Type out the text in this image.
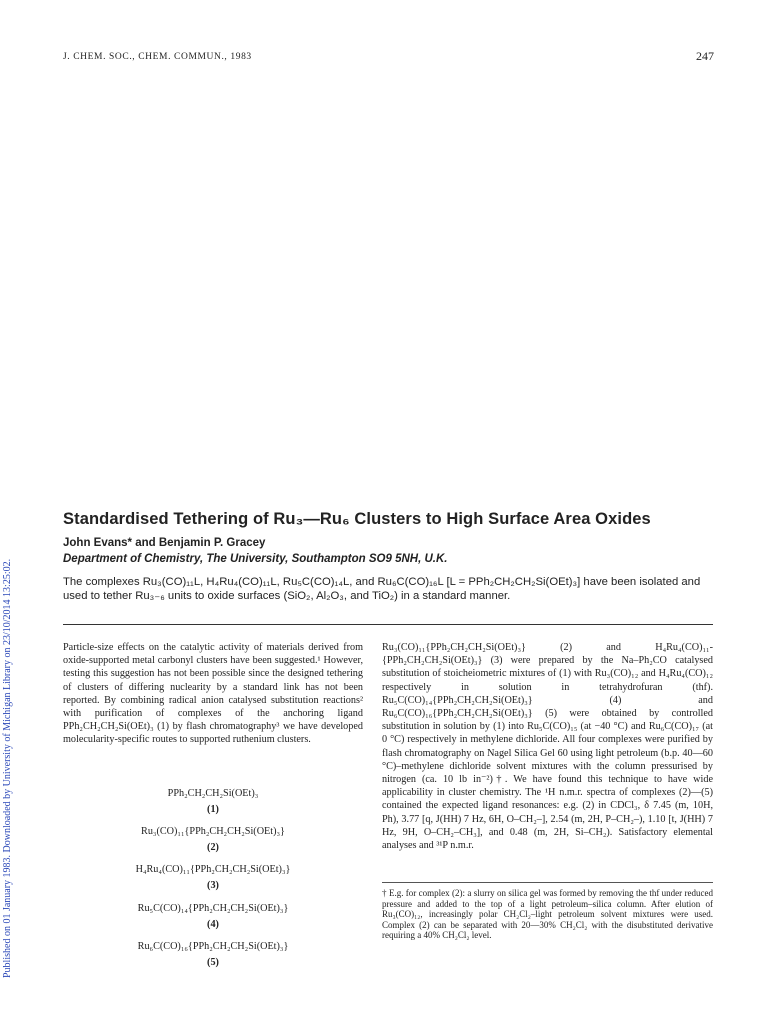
J. CHEM. SOC., CHEM. COMMUN., 1983	247
Published on 01 January 1983. Downloaded by University of Michigan Library on 23/10/2014 13:25:02.
Standardised Tethering of Ru₃—Ru₆ Clusters to High Surface Area Oxides
John Evans* and Benjamin P. Gracey
Department of Chemistry, The University, Southampton SO9 5NH, U.K.
The complexes Ru₃(CO)₁₁L, H₄Ru₄(CO)₁₁L, Ru₅C(CO)₁₄L, and Ru₆C(CO)₁₆L [L = PPh₂CH₂CH₂Si(OEt)₃] have been isolated and used to tether Ru₃₋₆ units to oxide surfaces (SiO₂, Al₂O₃, and TiO₂) in a standard manner.
Particle-size effects on the catalytic activity of materials derived from oxide-supported metal carbonyl clusters have been suggested.¹ However, testing this suggestion has not been possible since the designed tethering of clusters of differing nuclearity by a standard link has not been reported. By combining radical anion catalysed substitution reactions² with purification of complexes of the anchoring ligand PPh₂CH₂CH₂Si(OEt)₃ (1) by flash chromatography³ we have developed molecularity-specific routes to supported ruthenium clusters.
PPh₂CH₂CH₂Si(OEt)₃
(1)
Ru₃(CO)₁₁{PPh₂CH₂CH₂Si(OEt)₃}
(2)
H₄Ru₄(CO)₁₁{PPh₂CH₂CH₂Si(OEt)₃}
(3)
Ru₅C(CO)₁₄{PPh₂CH₂CH₂Si(OEt)₃}
(4)
Ru₆C(CO)₁₆{PPh₂CH₂CH₂Si(OEt)₃}
(5)
Ru₃(CO)₁₁{PPh₂CH₂CH₂Si(OEt)₃} (2) and H₄Ru₄(CO)₁₁-{PPh₂CH₂CH₂Si(OEt)₃} (3) were prepared by the Na–Ph₂CO catalysed substitution of stoicheiometric mixtures of (1) with Ru₃(CO)₁₂ and H₄Ru₄(CO)₁₂ respectively in solution in tetrahydrofuran (thf). Ru₅C(CO)₁₄{PPh₂CH₂CH₂Si(OEt)₃} (4) and Ru₆C(CO)₁₆{PPh₂CH₂CH₂Si(OEt)₃} (5) were obtained by controlled substitution in solution by (1) into Ru₅C(CO)₁₅ (at −40 °C) and Ru₆C(CO)₁₇ (at 0 °C) respectively in methylene dichloride. All four complexes were purified by flash chromatography on Nagel Silica Gel 60 using light petroleum (b.p. 40—60 °C)–methylene dichloride solvent mixtures with the column pressurised by nitrogen (ca. 10 lb in⁻²)†. We have found this technique to have wide applicability in cluster chemistry. The ¹H n.m.r. spectra of complexes (2)—(5) contained the expected ligand resonances: e.g. (2) in CDCl₃, δ 7.45 (m, 10H, Ph), 3.77 [q, J(HH) 7 Hz, 6H, O–CH₂–], 2.54 (m, 2H, P–CH₂–), 1.10 [t, J(HH) 7 Hz, 9H, O–CH₂–CH₃], and 0.48 (m, 2H, Si–CH₂). Satisfactory elemental analyses and ³¹P n.m.r.
† E.g. for complex (2): a slurry on silica gel was formed by removing the thf under reduced pressure and added to the top of a light petroleum–silica column. After elution of Ru₃(CO)₁₂, increasingly polar CH₂Cl₂–light petroleum solvent mixtures were used. Complex (2) can be separated with 20—30% CH₂Cl₂ with the disubstituted derivative requiring a 40% CH₂Cl₂ level.
